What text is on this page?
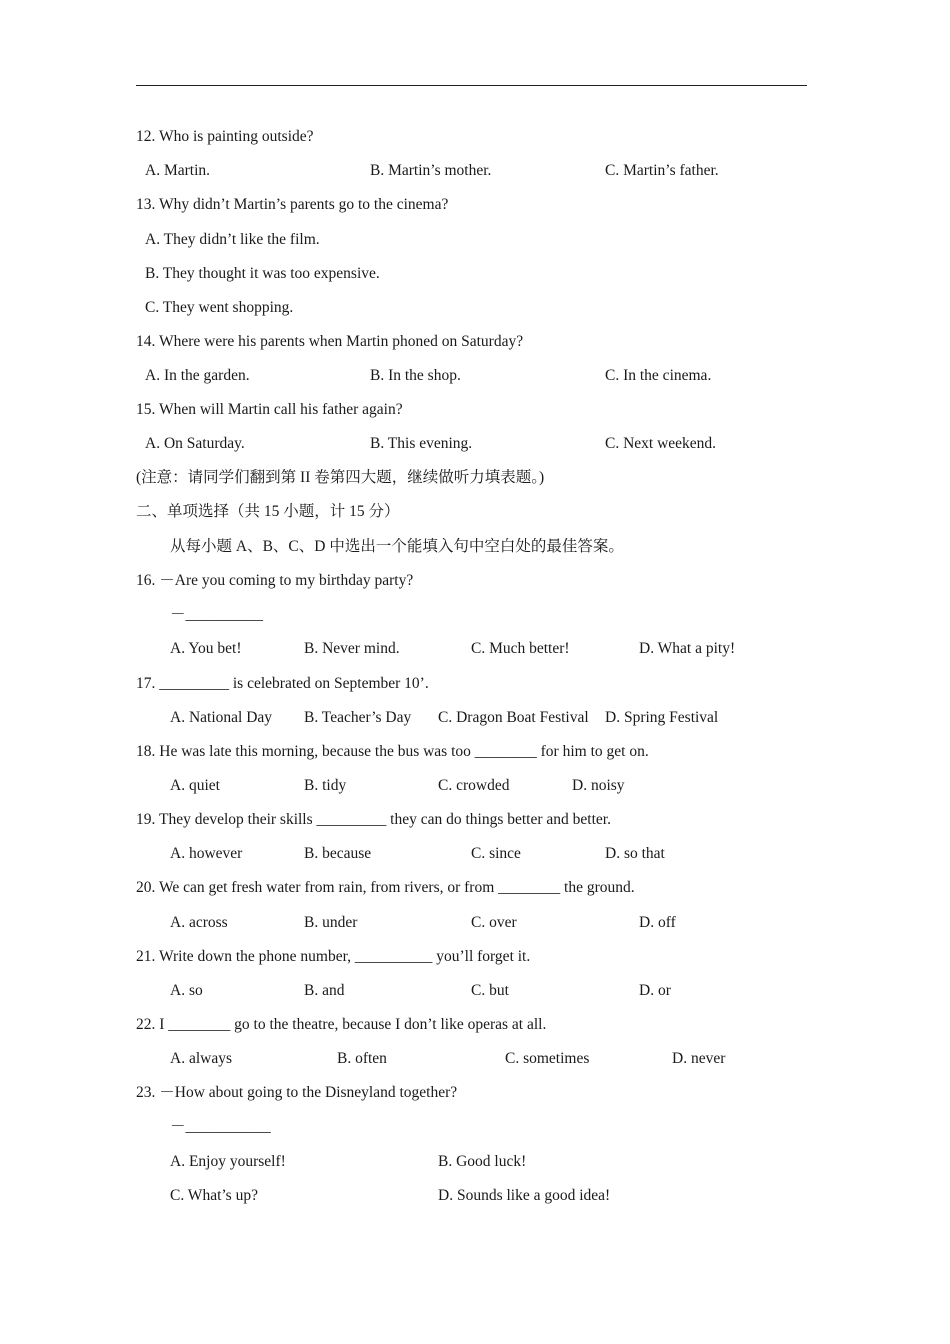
12. Who is painting outside?
A. Martin.	B. Martin’s mother.	C. Martin’s father.
13. Why didn’t Martin’s parents go to the cinema?
A. They didn’t like the film.
B. They thought it was too expensive.
C. They went shopping.
14. Where were his parents when Martin phoned on Saturday?
A. In the garden.	B. In the shop.	C. In the cinema.
15. When will Martin call his father again?
A. On Saturday.	B. This evening.	C. Next weekend.
(注意：请同学们翻到第 II 卷第四大题，继续做听力填表题。)
二、单项选择（共 15 小题，计 15 分）
从每小题 A、B、C、D 中选出一个能填入句中空白处的最佳答案。
16. －Are you coming to my birthday party?
－__________
A. You bet!	B. Never mind.	C. Much better!	D. What a pity!
17. _________ is celebrated on September 10’.
A. National Day B. Teacher’s Day C. Dragon Boat Festival D. Spring Festival
18. He was late this morning, because the bus was too ________ for him to get on.
A. quiet	B. tidy	C. crowded	D. noisy
19. They develop their skills _________ they can do things better and better.
A. however	B. because	C. since	D. so that
20. We can get fresh water from rain, from rivers, or from ________ the ground.
A. across	B. under	C. over	D. off
21. Write down the phone number, __________ you’ll forget it.
A. so	B. and	C. but	D. or
22. I ________ go to the theatre, because I don’t like operas at all.
A. always	B. often	C. sometimes	D. never
23. －How about going to the Disneyland together?
－___________
A. Enjoy yourself!	B. Good luck!
C. What’s up?	D. Sounds like a good idea!
